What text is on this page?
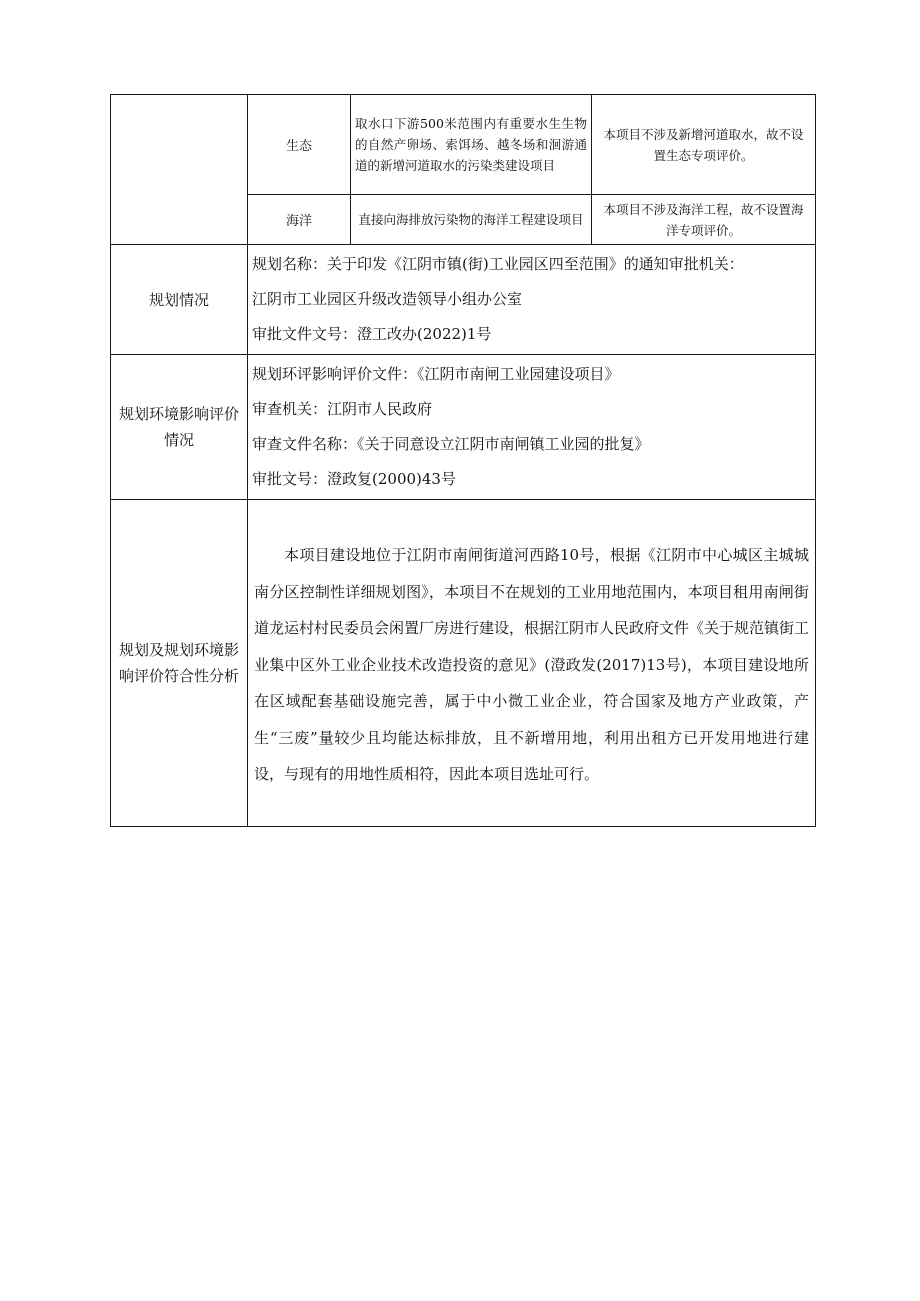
	生态	取水口下游500米范围内有重要水生生物的自然产卵场、索饵场、越冬场和洄游通道的新增河道取水的污染类建设项目	本项目不涉及新增河道取水，故不设置生态专项评价。
	海洋	直接向海排放污染物的海洋工程建设项目	本项目不涉及海洋工程，故不设置海洋专项评价。
规划情况	规划名称：关于印发《江阴市镇(街)工业园区四至范围》的通知审批机关：

江阴市工业园区升级改造领导小组办公室

审批文件文号：澄工改办(2022)1号		

规划环境影响评价情况	规划环评影响评价文件：《江阴市南闸工业园建设项目》

审查机关：江阴市人民政府

审查文件名称：《关于同意设立江阴市南闸镇工业园的批复》

审批文号：澄政复(2000)43号		

规划及规划环境影响评价符合性分析	本项目建设地位于江阴市南闸街道河西路10号，根据《江阴市中心城区主城城南分区控制性详细规划图》，本项目不在规划的工业用地范围内，本项目租用南闸街道龙运村村民委员会闲置厂房进行建设，根据江阴市人民政府文件《关于规范镇街工业集中区外工业企业技术改造投资的意见》(澄政发(2017)13号)，本项目建设地所在区域配套基础设施完善，属于中小微工业企业，符合国家及地方产业政策，产生“三废”量较少且均能达标排放，且不新增用地，利用出租方已开发用地进行建设，与现有的用地性质相符，因此本项目选址可行。		
